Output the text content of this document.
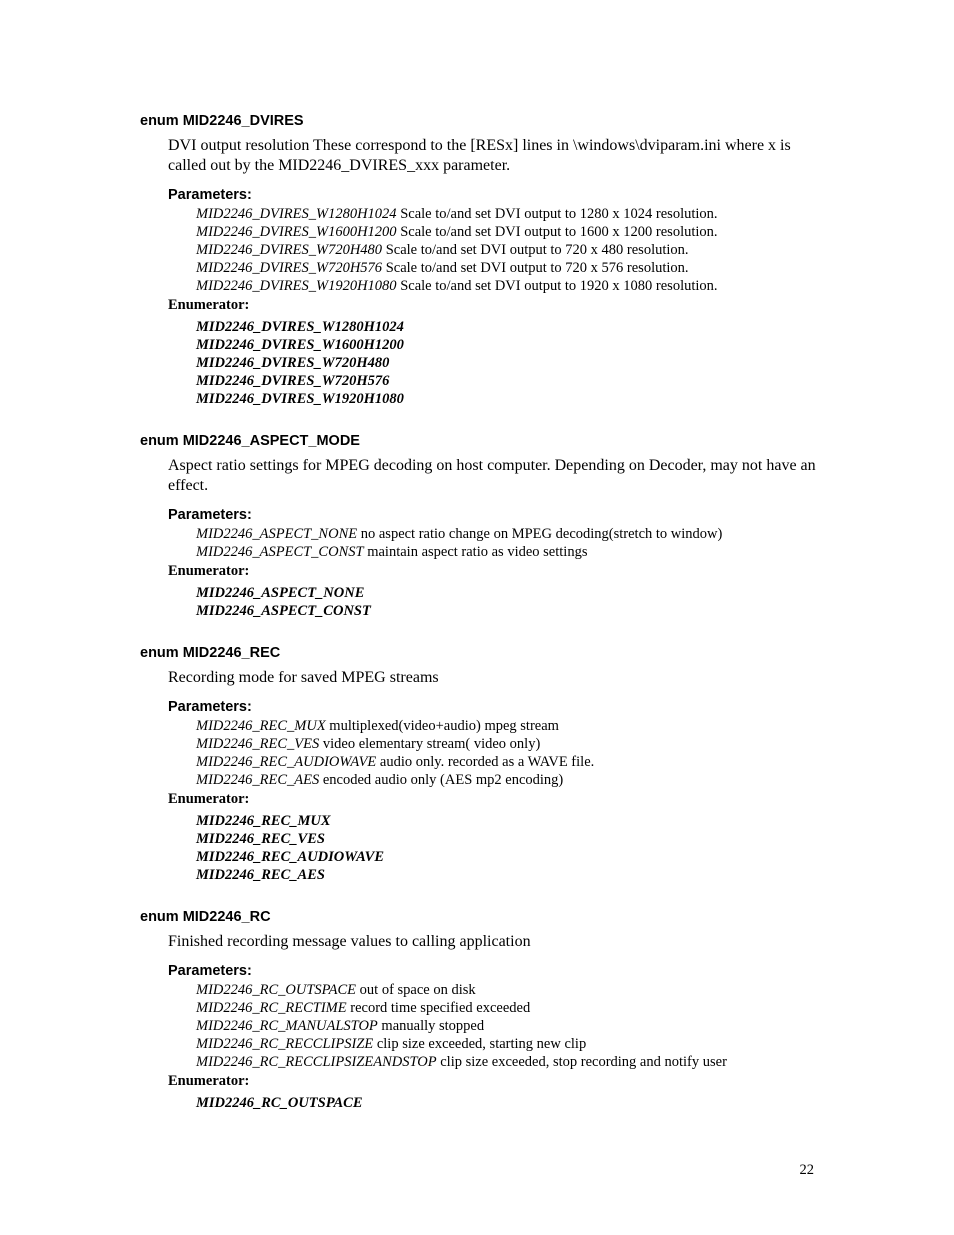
enum MID2246_DVIRES
DVI output resolution These correspond to the [RESx] lines in \windows\dviparam.ini where x is called out by the MID2246_DVIRES_xxx parameter.
Parameters:
MID2246_DVIRES_W1280H1024 Scale to/and set DVI output to 1280 x 1024 resolution.
MID2246_DVIRES_W1600H1200 Scale to/and set DVI output to 1600 x 1200 resolution.
MID2246_DVIRES_W720H480 Scale to/and set DVI output to 720 x 480 resolution.
MID2246_DVIRES_W720H576 Scale to/and set DVI output to 720 x 576 resolution.
MID2246_DVIRES_W1920H1080 Scale to/and set DVI output to 1920 x 1080 resolution.
Enumerator:
MID2246_DVIRES_W1280H1024
MID2246_DVIRES_W1600H1200
MID2246_DVIRES_W720H480
MID2246_DVIRES_W720H576
MID2246_DVIRES_W1920H1080
enum MID2246_ASPECT_MODE
Aspect ratio settings for MPEG decoding on host computer. Depending on Decoder, may not have an effect.
Parameters:
MID2246_ASPECT_NONE no aspect ratio change on MPEG decoding(stretch to window)
MID2246_ASPECT_CONST maintain aspect ratio as video settings
Enumerator:
MID2246_ASPECT_NONE
MID2246_ASPECT_CONST
enum MID2246_REC
Recording mode for saved MPEG streams
Parameters:
MID2246_REC_MUX multiplexed(video+audio) mpeg stream
MID2246_REC_VES video elementary stream( video only)
MID2246_REC_AUDIOWAVE audio only. recorded as a WAVE file.
MID2246_REC_AES encoded audio only (AES mp2 encoding)
Enumerator:
MID2246_REC_MUX
MID2246_REC_VES
MID2246_REC_AUDIOWAVE
MID2246_REC_AES
enum MID2246_RC
Finished recording message values to calling application
Parameters:
MID2246_RC_OUTSPACE out of space on disk
MID2246_RC_RECTIME record time specified exceeded
MID2246_RC_MANUALSTOP manually stopped
MID2246_RC_RECCLIPSIZE clip size exceeded, starting new clip
MID2246_RC_RECCLIPSIZEANDSTOP clip size exceeded, stop recording and notify user
Enumerator:
MID2246_RC_OUTSPACE
22
